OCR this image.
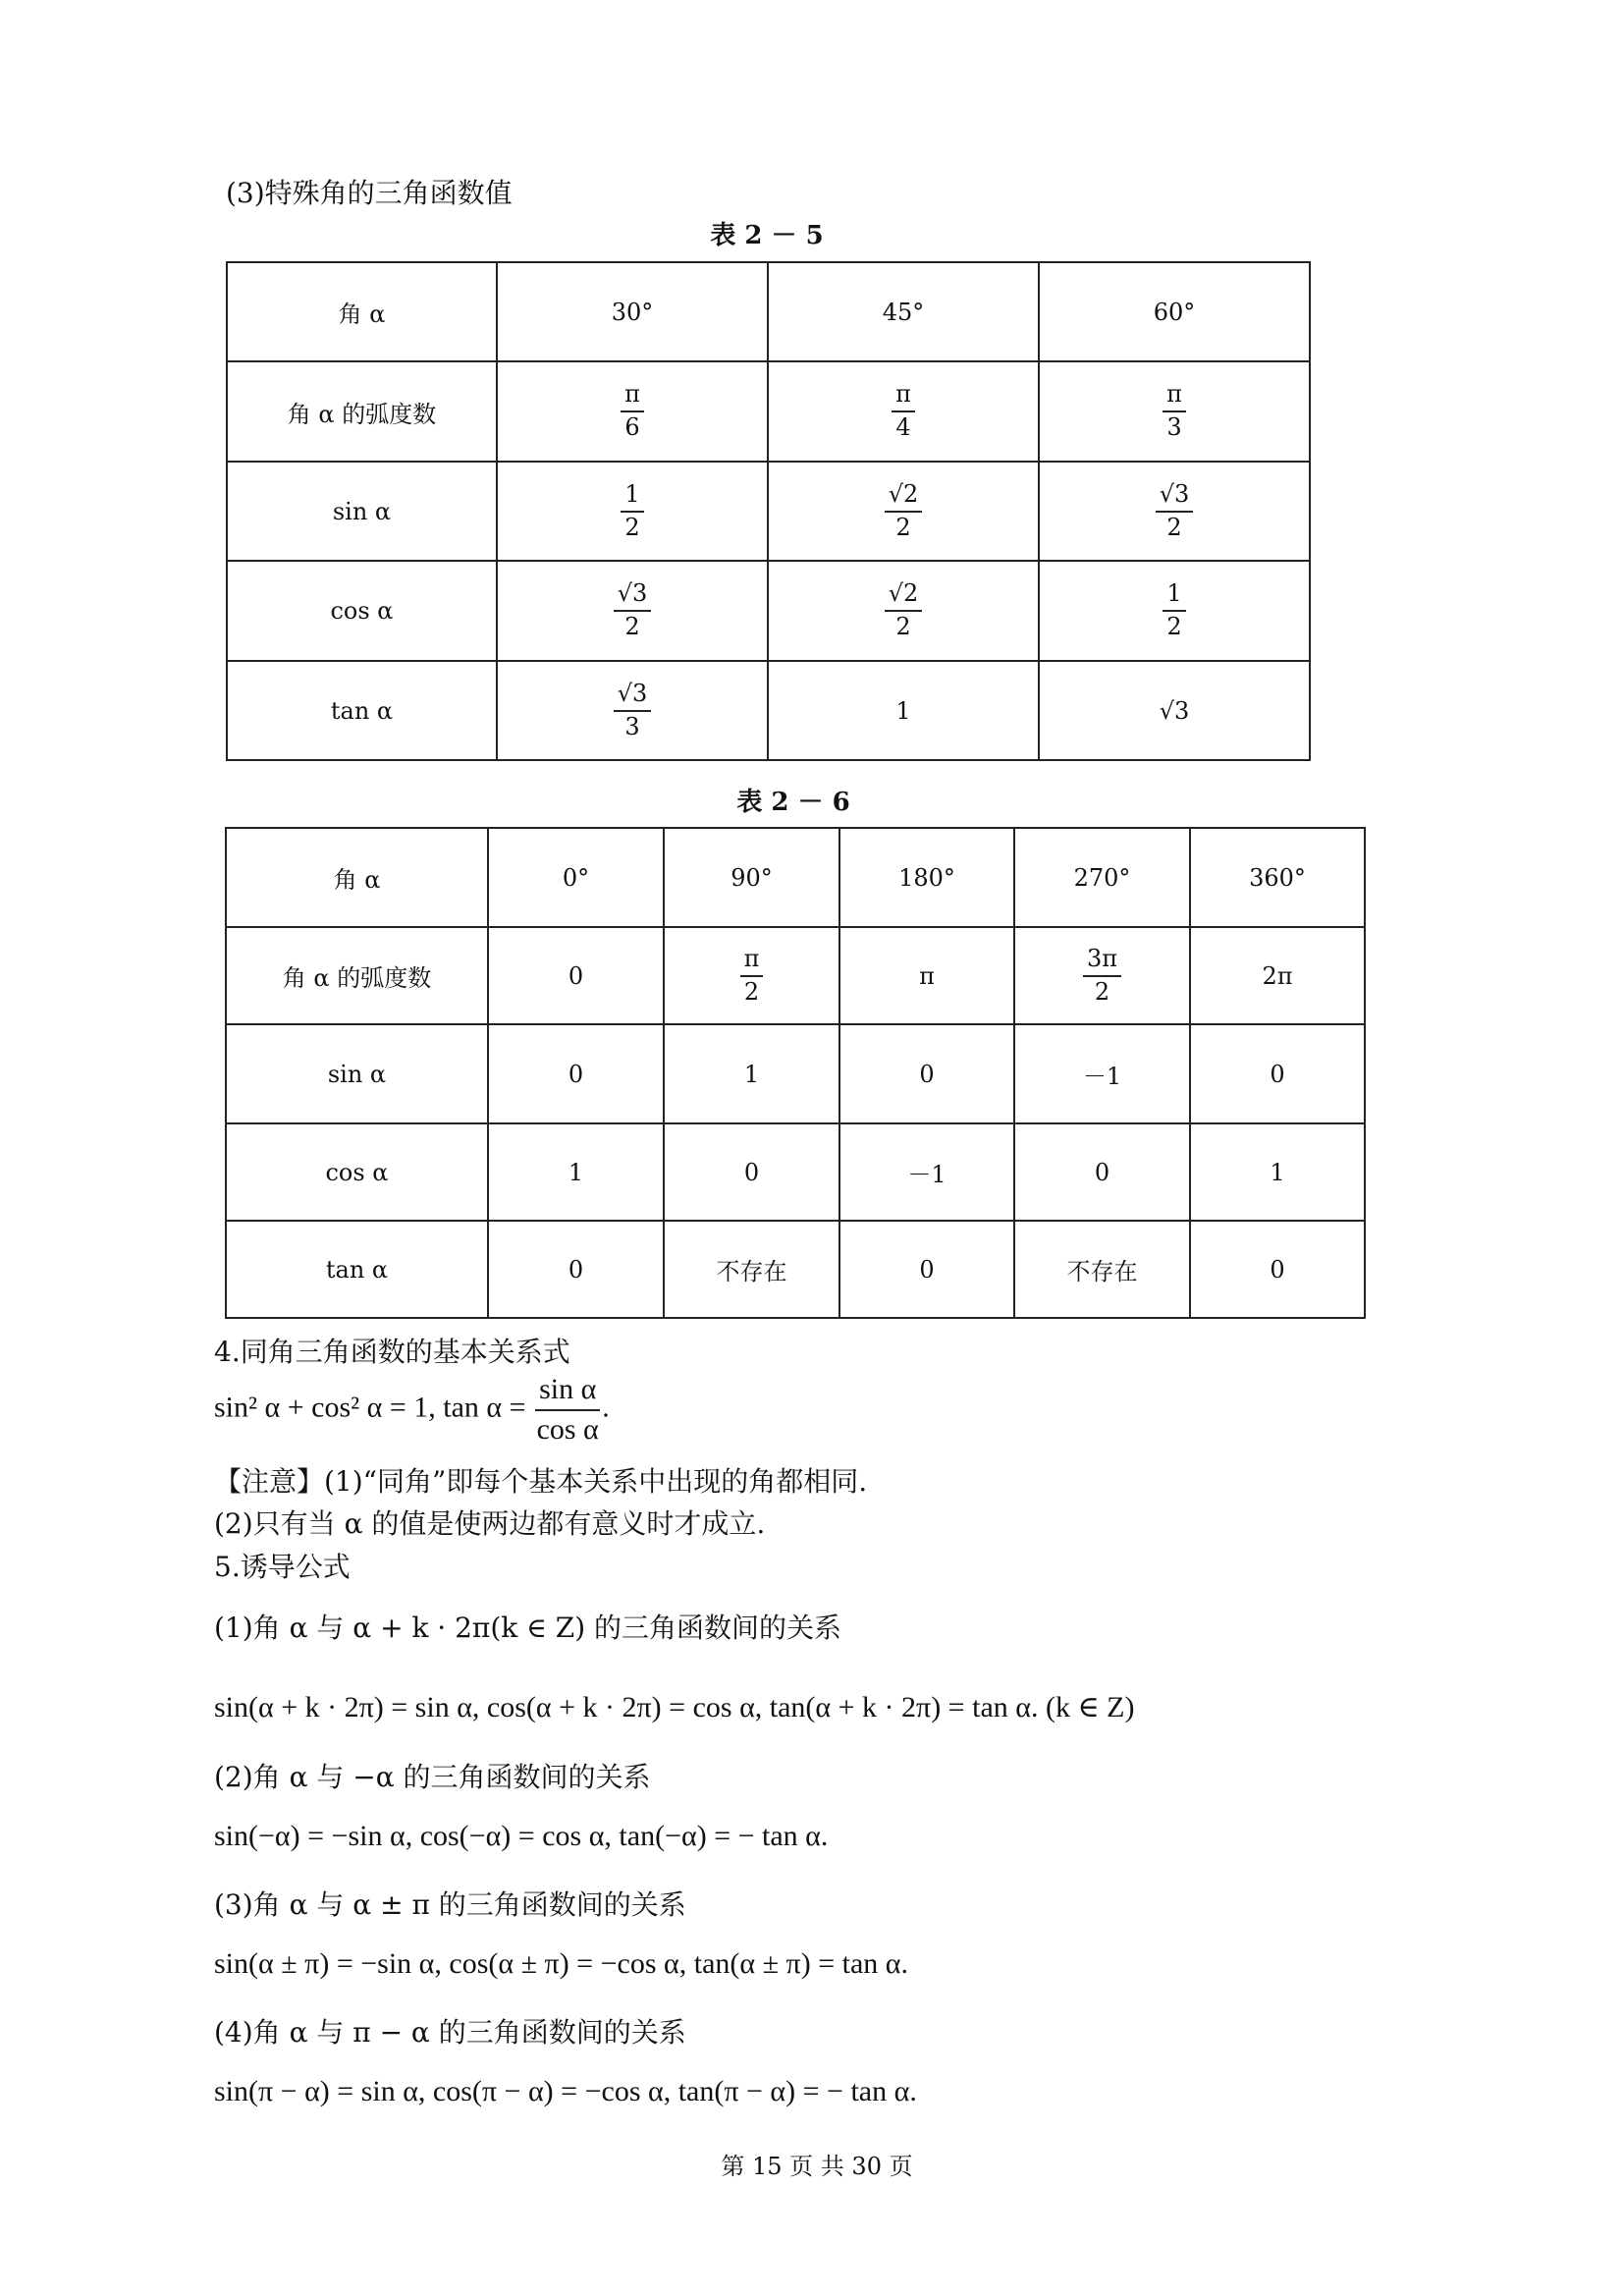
(3)特殊角的三角函数值
表 2 － 5
角 α	30°	45°	60°
角 α 的弧度数	$\frac{\pi}{6}$	$\frac{\pi}{4}$	$\frac{\pi}{3}$

sin α	$\frac{1}{2}$	$\frac{√2}{2}$	$\frac{√3}{2}$

cos α	$\frac{√3}{2}$	$\frac{√2}{2}$	$\frac{1}{2}$

tan α	$\frac{√3}{3}$	1	√3
表 2 － 6
角 α	0°	90°	180°	270°	360°
角 α 的弧度数	0	$\frac{\pi}{2}$	π	$\frac{3\pi}{2}$	2π
sin α	0	1	0	－1	0
cos α	1	0	－1	0	1
tan α	0	不存在	0	不存在	0
4.同角三角函数的基本关系式
sin² α + cos² α = 1, $\tan \alpha = \frac{\text{sin α}}{\text{cos α}}$ .
【注意】(1)“同角”即每个基本关系中出现的角都相同.
(2)只有当 α 的值是使两边都有意义时才成立.
5.诱导公式
(1)角 α 与 α + k · 2π(k ∈ Z) 的三角函数间的关系
sin(α + k · 2π) = sin α, cos(α + k · 2π) = cos α, tan(α + k · 2π) = tan α. (k ∈ Z)
(2)角 α 与 −α 的三角函数间的关系
sin(−α) = −sin α, cos(−α) = cos α, tan(−α) = − tan α.
(3)角 α 与 α ± π 的三角函数间的关系
sin(α ± π) = −sin α, cos(α ± π) = −cos α, tan(α ± π) = tan α.
(4)角 α 与 π − α 的三角函数间的关系
sin(π − α) = sin α, cos(π − α) = −cos α, tan(π − α) = − tan α.
第 15 页 共 30 页
